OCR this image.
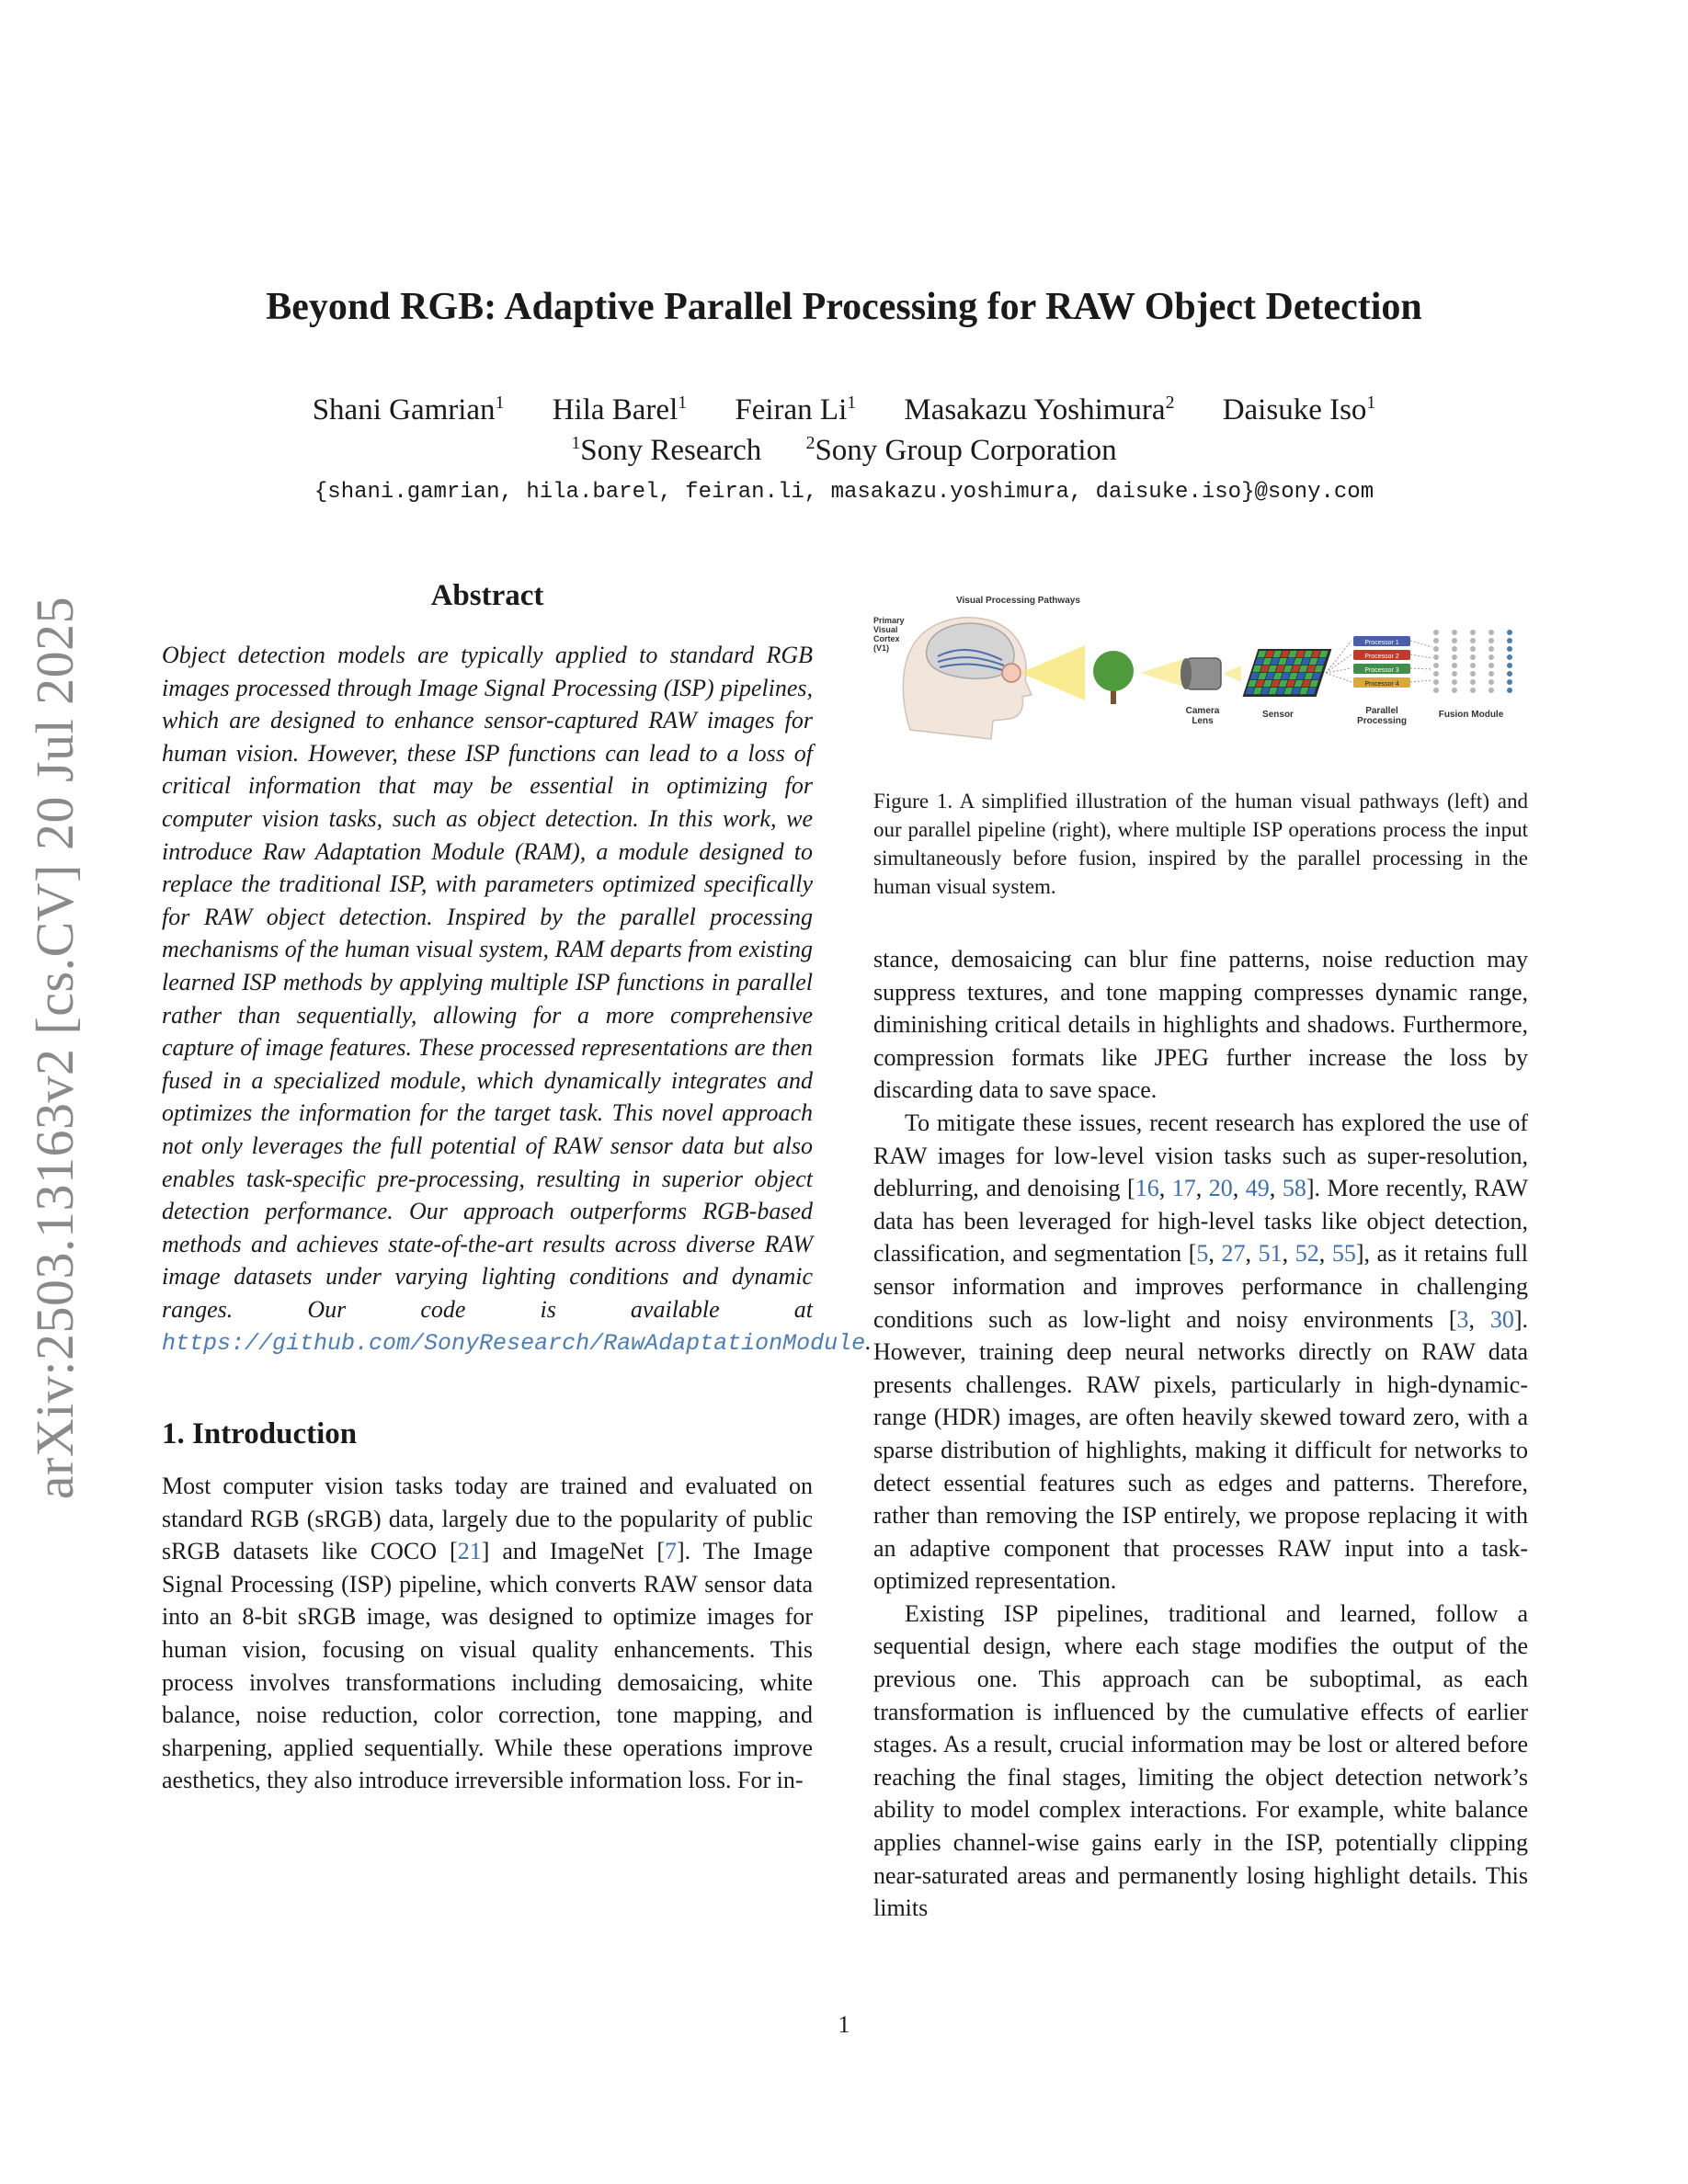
arXiv:2503.13163v2 [cs.CV] 20 Jul 2025
Beyond RGB: Adaptive Parallel Processing for RAW Object Detection
Shani Gamrian$^1$ Hila Barel$^1$ Feiran Li$^1$ Masakazu Yoshimura$^2$ Daisuke Iso$^1$
$^1$Sony Research $^2$Sony Group Corporation
{shani.gamrian, hila.barel, feiran.li, masakazu.yoshimura, daisuke.iso}@sony.com
Abstract

Object detection models are typically applied to standard RGB images processed through Image Signal Processing (ISP) pipelines, which are designed to enhance sensor-captured RAW images for human vision. However, these ISP functions can lead to a loss of critical information that may be essential in optimizing for computer vision tasks, such as object detection. In this work, we introduce Raw Adaptation Module (RAM), a module designed to replace the traditional ISP, with parameters optimized specifically for RAW object detection. Inspired by the parallel processing mechanisms of the human visual system, RAM departs from existing learned ISP methods by applying multiple ISP functions in parallel rather than sequentially, allowing for a more comprehensive capture of image features. These processed representations are then fused in a specialized module, which dynamically integrates and optimizes the information for the target task. This novel approach not only leverages the full potential of RAW sensor data but also enables task-specific pre-processing, resulting in superior object detection performance. Our approach outperforms RGB-based methods and achieves state-of-the-art results across diverse RAW image datasets under varying lighting conditions and dynamic ranges. Our code is available at https://github.com/SonyResearch/RawAdaptationModule.

1. Introduction

Most computer vision tasks today are trained and evaluated on standard RGB (sRGB) data, largely due to the popularity of public sRGB datasets like COCO [21] and ImageNet [7]. The Image Signal Processing (ISP) pipeline, which converts RAW sensor data into an 8-bit sRGB image, was designed to optimize images for human vision, focusing on visual quality enhancements. This process involves transformations including demosaicing, white balance, noise reduction, color correction, tone mapping, and sharpening, applied sequentially. While these operations improve aesthetics, they also introduce irreversible information loss. For in-

Processor 1
Processor 2
Processor 3
Processor 4
Visual Processing Pathways
Primary
Visual
Cortex
(V1)
Camera
Lens
Sensor	Parallel
Processing
Fusion Module
Figure 1. A simplified illustration of the human visual pathways (left) and our parallel pipeline (right), where multiple ISP operations process the input simultaneously before fusion, inspired by the parallel processing in the human visual system.

stance, demosaicing can blur fine patterns, noise reduction may suppress textures, and tone mapping compresses dynamic range, diminishing critical details in highlights and shadows. Furthermore, compression formats like JPEG further increase the loss by discarding data to save space.

To mitigate these issues, recent research has explored the use of RAW images for low-level vision tasks such as super-resolution, deblurring, and denoising [16, 17, 20, 49, 58]. More recently, RAW data has been leveraged for high-level tasks like object detection, classification, and segmentation [5, 27, 51, 52, 55], as it retains full sensor information and improves performance in challenging conditions such as low-light and noisy environments [3, 30]. However, training deep neural networks directly on RAW data presents challenges. RAW pixels, particularly in high-dynamic-range (HDR) images, are often heavily skewed toward zero, with a sparse distribution of highlights, making it difficult for networks to detect essential features such as edges and patterns. Therefore, rather than removing the ISP entirely, we propose replacing it with an adaptive component that processes RAW input into a task-optimized representation.

Existing ISP pipelines, traditional and learned, follow a sequential design, where each stage modifies the output of the previous one. This approach can be suboptimal, as each transformation is influenced by the cumulative effects of earlier stages. As a result, crucial information may be lost or altered before reaching the final stages, limiting the object detection network’s ability to model complex interactions. For example, white balance applies channel-wise gains early in the ISP, potentially clipping near-saturated areas and permanently losing highlight details. This limits

1
